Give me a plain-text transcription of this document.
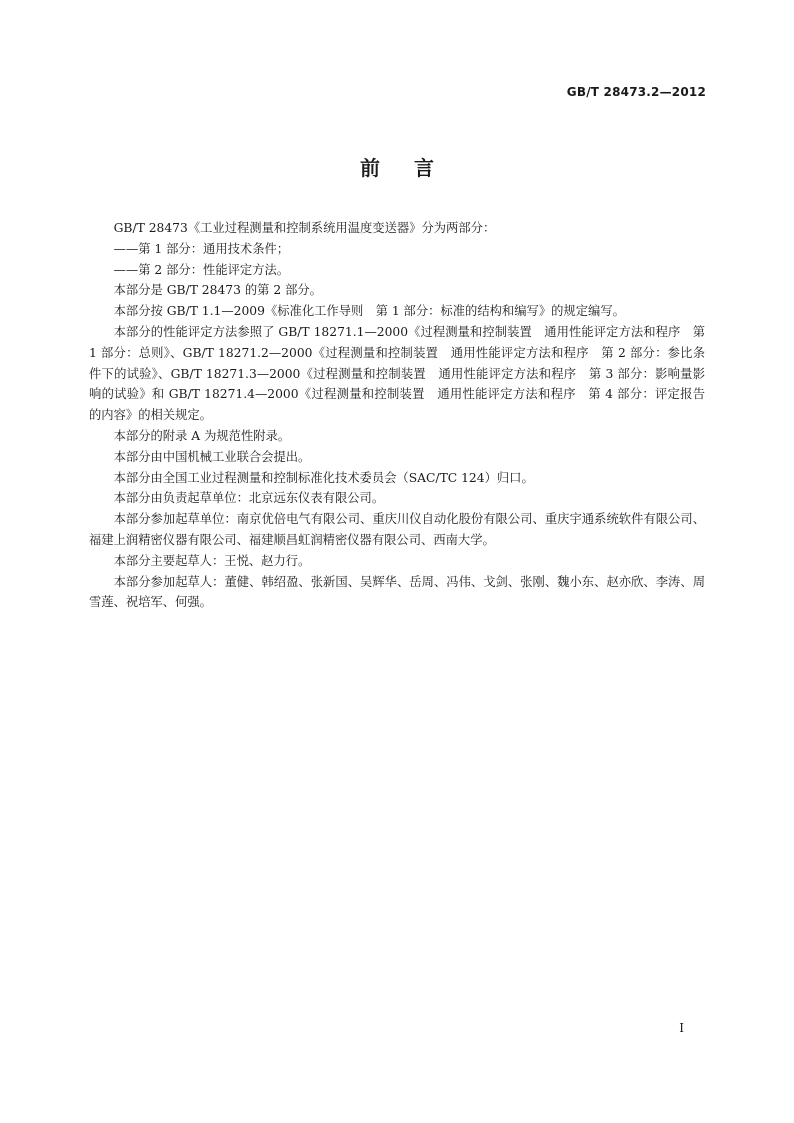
GB/T 28473.2—2012
前言

GB/T 28473《工业过程测量和控制系统用温度变送器》分为两部分：

——第 1 部分：通用技术条件；

——第 2 部分：性能评定方法。

本部分是 GB/T 28473 的第 2 部分。

本部分按 GB/T 1.1—2009《标准化工作导则　第 1 部分：标准的结构和编写》的规定编写。

本部分的性能评定方法参照了 GB/T 18271.1—2000《过程测量和控制装置　通用性能评定方法和程序　第 1 部分：总则》、GB/T 18271.2—2000《过程测量和控制装置　通用性能评定方法和程序　第 2 部分：参比条件下的试验》、GB/T 18271.3—2000《过程测量和控制装置　通用性能评定方法和程序　第 3 部分：影响量影响的试验》和 GB/T 18271.4—2000《过程测量和控制装置　通用性能评定方法和程序　第 4 部分：评定报告的内容》的相关规定。

本部分的附录 A 为规范性附录。

本部分由中国机械工业联合会提出。

本部分由全国工业过程测量和控制标准化技术委员会（SAC/TC 124）归口。

本部分由负责起草单位：北京远东仪表有限公司。

本部分参加起草单位：南京优倍电气有限公司、重庆川仪自动化股份有限公司、重庆宇通系统软件有限公司、福建上润精密仪器有限公司、福建顺昌虹润精密仪器有限公司、西南大学。

本部分主要起草人：王悦、赵力行。

本部分参加起草人：董健、韩绍盈、张新国、吴辉华、岳周、冯伟、戈剑、张刚、魏小东、赵亦欣、李涛、周雪莲、祝培军、何强。

I
